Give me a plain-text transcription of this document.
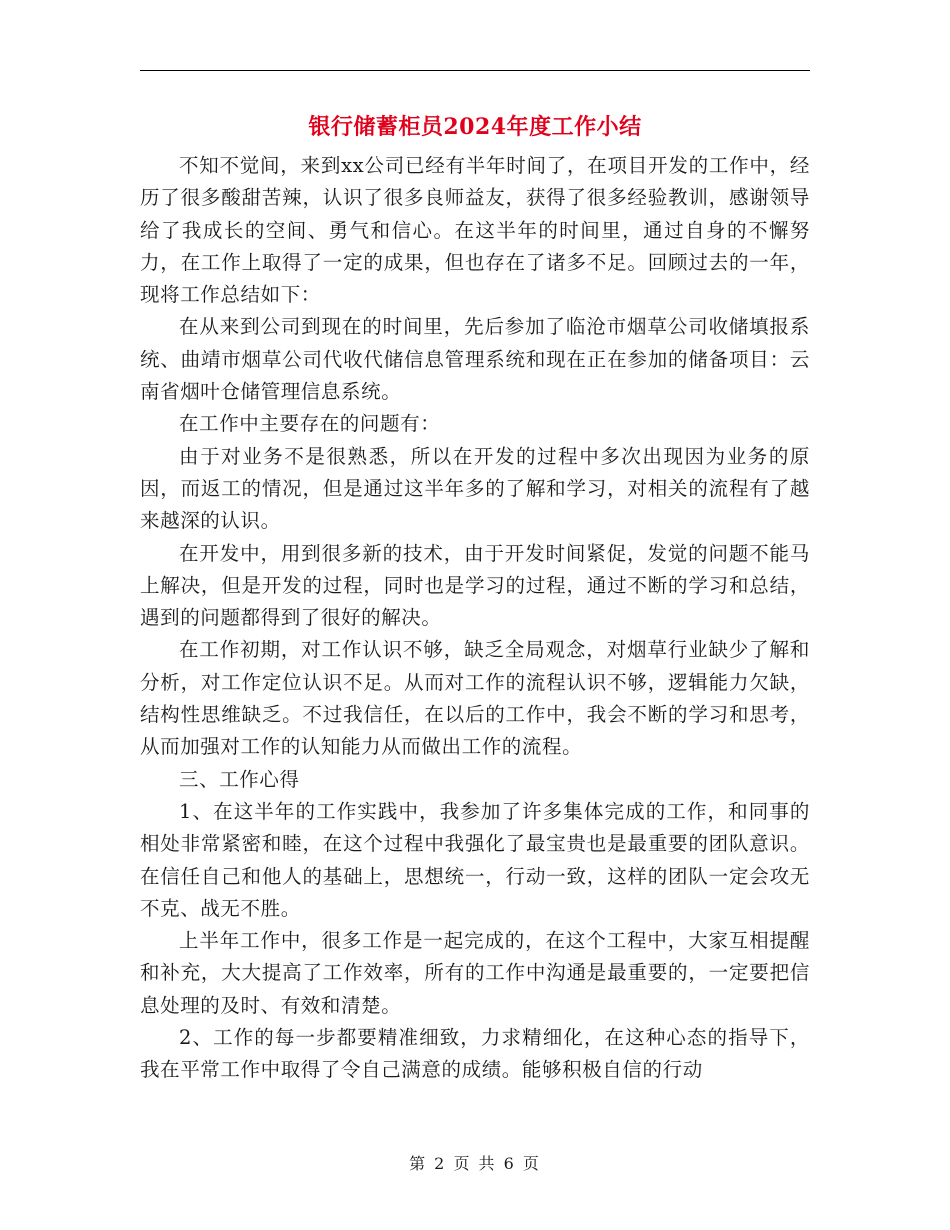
银行储蓄柜员2024年度工作小结

不知不觉间，来到xx公司已经有半年时间了，在项目开发的工作中，经历了很多酸甜苦辣，认识了很多良师益友，获得了很多经验教训，感谢领导给了我成长的空间、勇气和信心。在这半年的时间里，通过自身的不懈努力，在工作上取得了一定的成果，但也存在了诸多不足。回顾过去的一年，现将工作总结如下：

在从来到公司到现在的时间里，先后参加了临沧市烟草公司收储填报系统、曲靖市烟草公司代收代储信息管理系统和现在正在参加的储备项目：云南省烟叶仓储管理信息系统。

在工作中主要存在的问题有：

由于对业务不是很熟悉，所以在开发的过程中多次出现因为业务的原因，而返工的情况，但是通过这半年多的了解和学习，对相关的流程有了越来越深的认识。

在开发中，用到很多新的技术，由于开发时间紧促，发觉的问题不能马上解决，但是开发的过程，同时也是学习的过程，通过不断的学习和总结，遇到的问题都得到了很好的解决。

在工作初期，对工作认识不够，缺乏全局观念，对烟草行业缺少了解和分析，对工作定位认识不足。从而对工作的流程认识不够，逻辑能力欠缺，结构性思维缺乏。不过我信任，在以后的工作中，我会不断的学习和思考，从而加强对工作的认知能力从而做出工作的流程。

三、工作心得

1、在这半年的工作实践中，我参加了许多集体完成的工作，和同事的相处非常紧密和睦，在这个过程中我强化了最宝贵也是最重要的团队意识。在信任自己和他人的基础上，思想统一，行动一致，这样的团队一定会攻无不克、战无不胜。

上半年工作中，很多工作是一起完成的，在这个工程中，大家互相提醒和补充，大大提高了工作效率，所有的工作中沟通是最重要的，一定要把信息处理的及时、有效和清楚。

2、工作的每一步都要精准细致，力求精细化，在这种心态的指导下，我在平常工作中取得了令自己满意的成绩。能够积极自信的行动

第 2 页 共 6 页
